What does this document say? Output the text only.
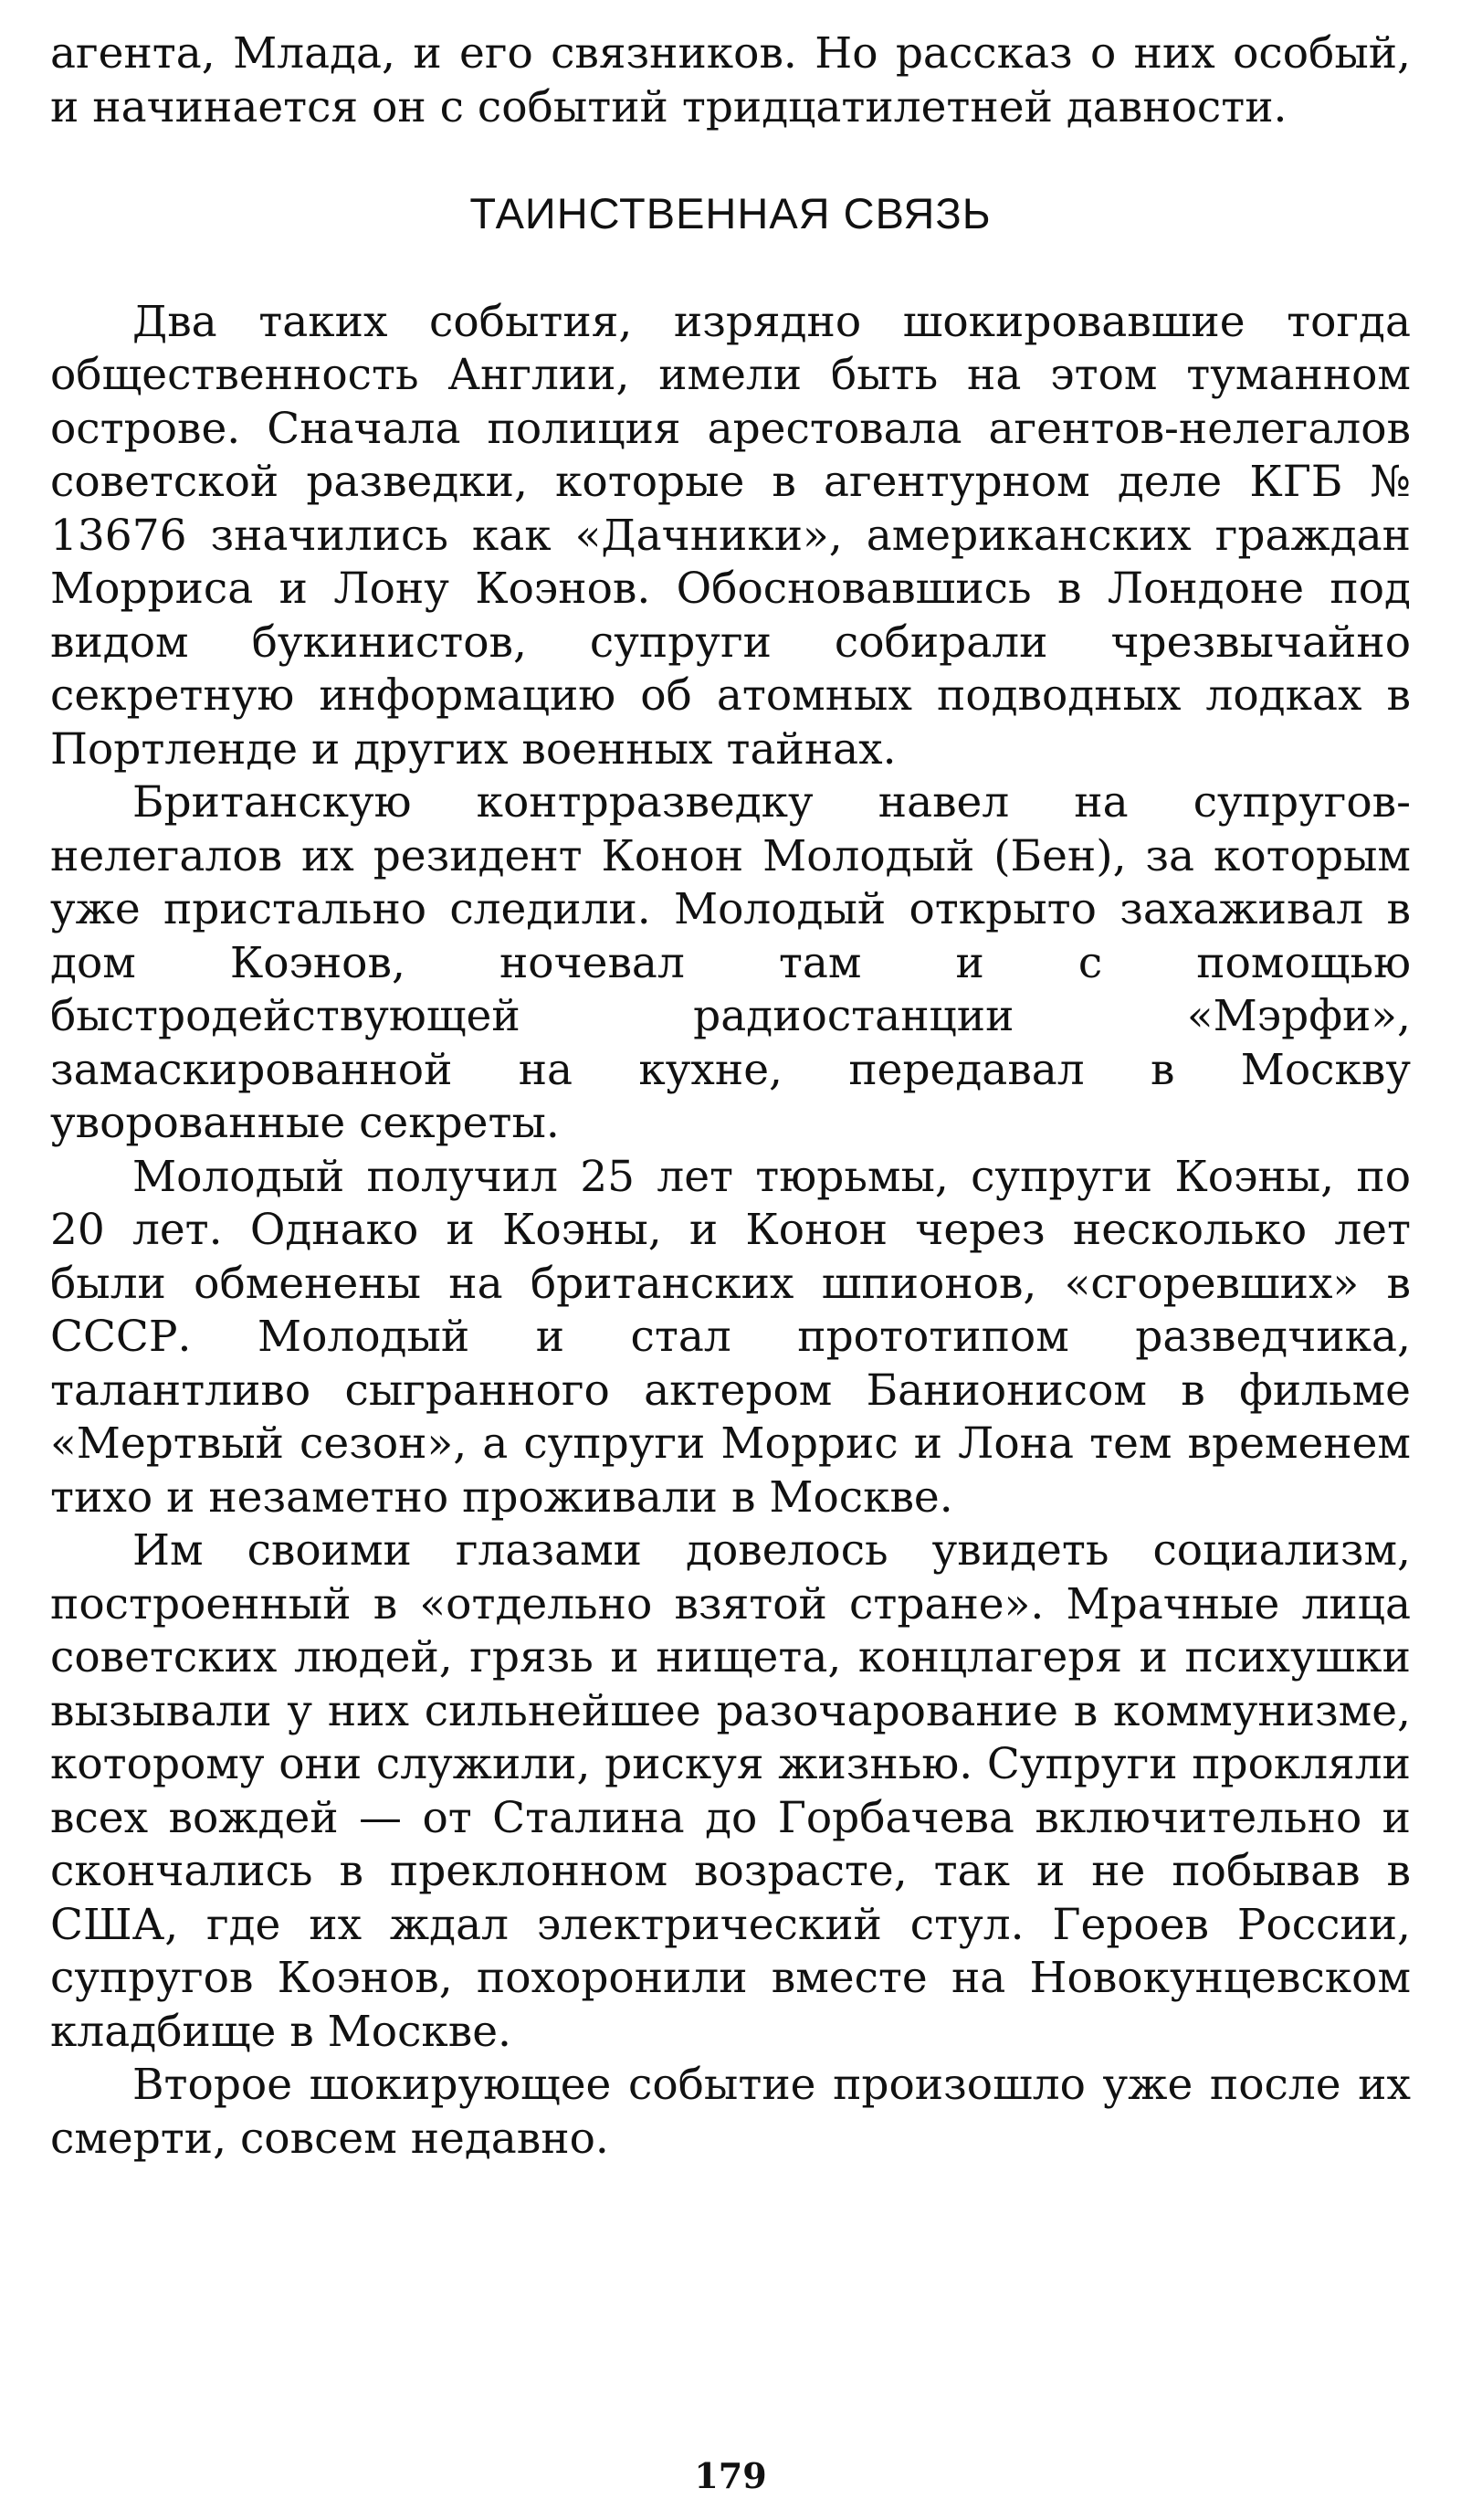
агента, Млада, и его связников. Но рассказ о них особый, и начинается он с событий тридцатилетней давности.

ТАИНСТВЕННАЯ СВЯЗЬ

Два таких события, изрядно шокировавшие тогда общественность Англии, имели быть на этом туманном острове. Сначала полиция арестовала агентов-нелегалов советской разведки, которые в агентурном деле КГБ № 13676 значились как «Дачники», американских граждан Морриса и Лону Коэнов. Обосновавшись в Лондоне под видом букинистов, супруги собирали чрезвычайно секретную информацию об атомных подводных лодках в Портленде и других военных тайнах.

Британскую контрразведку навел на супругов-нелегалов их резидент Конон Молодый (Бен), за которым уже пристально следили. Молодый открыто захаживал в дом Коэнов, ночевал там и с помощью быстродействующей радиостанции «Мэрфи», замаскированной на кухне, передавал в Москву уворованные секреты.

Молодый получил 25 лет тюрьмы, супруги Коэны, по 20 лет. Однако и Коэны, и Конон через несколько лет были обменены на британских шпионов, «сгоревших» в СССР. Молодый и стал прототипом разведчика, талантливо сыгранного актером Банионисом в фильме «Мертвый сезон», а супруги Моррис и Лона тем временем тихо и незаметно проживали в Москве.

Им своими глазами довелось увидеть социализм, построенный в «отдельно взятой стране». Мрачные лица советских людей, грязь и нищета, концлагеря и психушки вызывали у них сильнейшее разочарование в коммунизме, которому они служили, рискуя жизнью. Супруги прокляли всех вождей — от Сталина до Горбачева включительно и скончались в преклонном возрасте, так и не побывав в США, где их ждал электрический стул. Героев России, супругов Коэнов, похоронили вместе на Новокунцевском кладбище в Москве.

Второе шокирующее событие произошло уже после их смерти, совсем недавно.

179
